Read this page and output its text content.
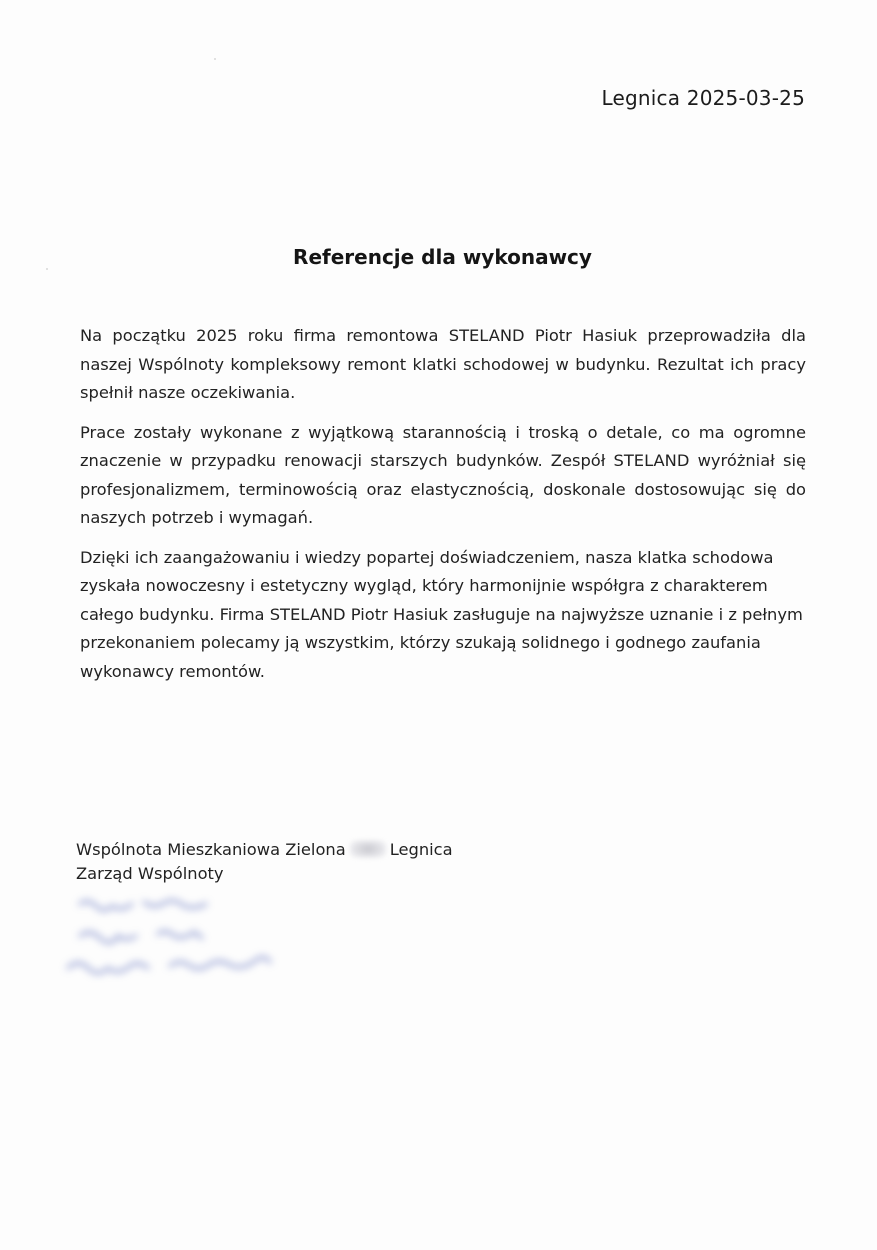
Legnica 2025-03-25
Referencje dla wykonawcy

Na początku 2025 roku firma remontowa STELAND Piotr Hasiuk przeprowadziła dla naszej Wspólnoty kompleksowy remont klatki schodowej w budynku. Rezultat ich pracy spełnił nasze oczekiwania.

Prace zostały wykonane z wyjątkową starannością i troską o detale, co ma ogromne znaczenie w przypadku renowacji starszych budynków. Zespół STELAND wyróżniał się profesjonalizmem, terminowością oraz elastycznością, doskonale dostosowując się do naszych potrzeb i wymagań.

Dzięki ich zaangażowaniu i wiedzy popartej doświadczeniem, nasza klatka schodowa zyskała nowoczesny i estetyczny wygląd, który harmonijnie współgra z charakterem całego budynku. Firma STELAND Piotr Hasiuk zasługuje na najwyższe uznanie i z pełnym przekonaniem polecamy ją wszystkim, którzy szukają solidnego i godnego zaufania wykonawcy remontów.

Wspólnota Mieszkaniowa Zielona	Legnica
Zarząd Wspólnoty
